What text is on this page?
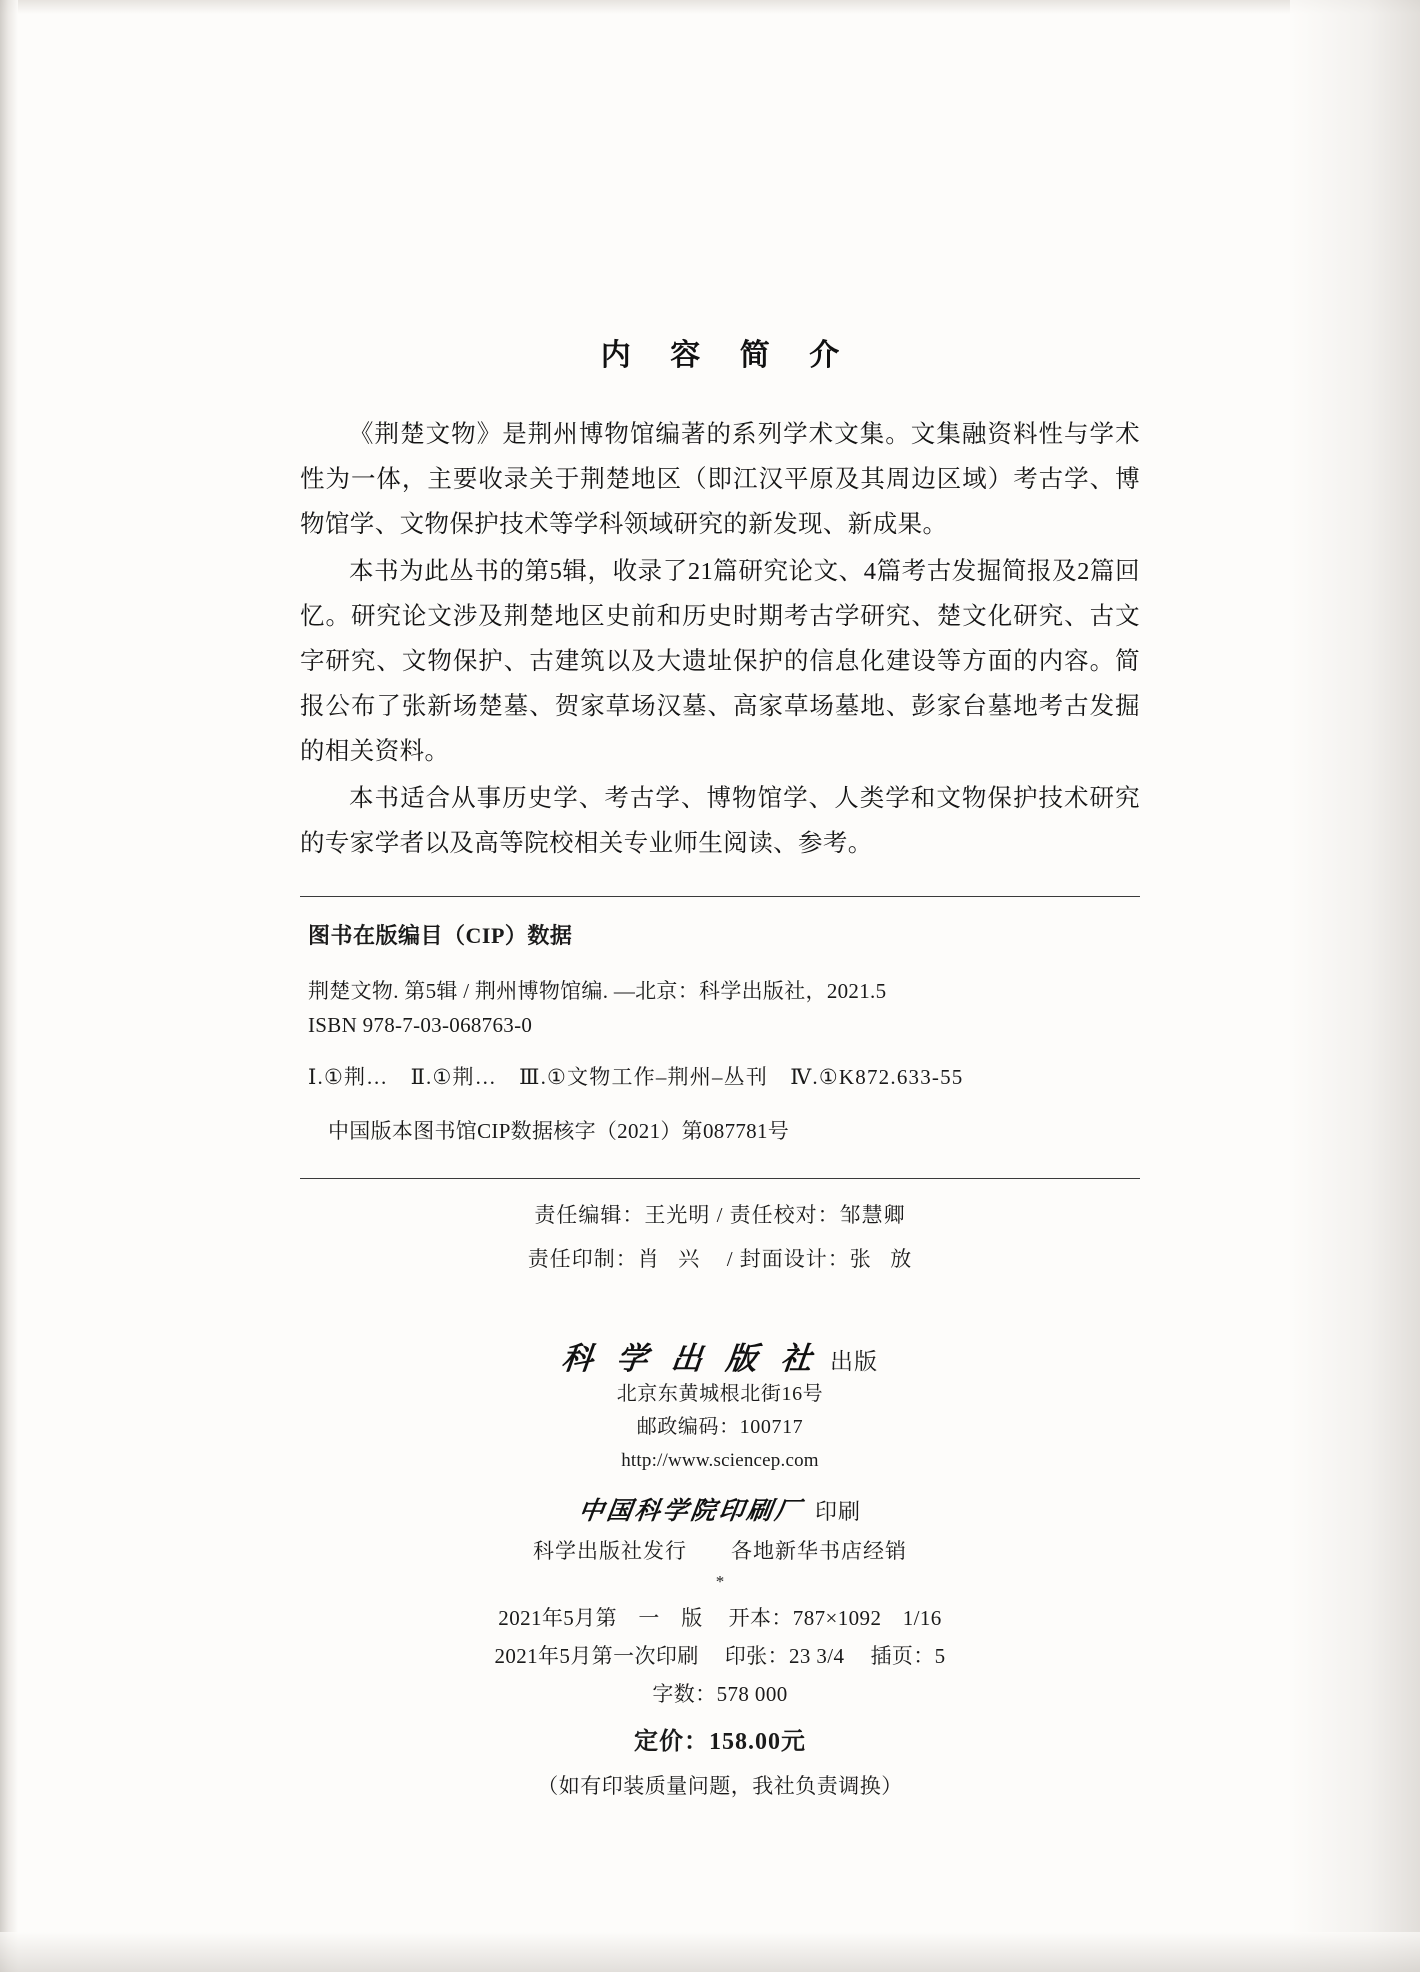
内 容 简 介

《荆楚文物》是荆州博物馆编著的系列学术文集。文集融资料性与学术性为一体，主要收录关于荆楚地区（即江汉平原及其周边区域）考古学、博物馆学、文物保护技术等学科领域研究的新发现、新成果。

本书为此丛书的第5辑，收录了21篇研究论文、4篇考古发掘简报及2篇回忆。研究论文涉及荆楚地区史前和历史时期考古学研究、楚文化研究、古文字研究、文物保护、古建筑以及大遗址保护的信息化建设等方面的内容。简报公布了张新场楚墓、贺家草场汉墓、高家草场墓地、彭家台墓地考古发掘的相关资料。

本书适合从事历史学、考古学、博物馆学、人类学和文物保护技术研究的专家学者以及高等院校相关专业师生阅读、参考。

图书在版编目（CIP）数据
荆楚文物. 第5辑 / 荆州博物馆编. —北京：科学出版社，2021.5
ISBN 978-7-03-068763-0
Ⅰ.①荆…　Ⅱ.①荆…　Ⅲ.①文物工作–荆州–丛刊　Ⅳ.①K872.633-55
中国版本图书馆CIP数据核字（2021）第087781号
责任编辑：王光明 / 责任校对：邹慧卿
责任印制：肖 兴 / 封面设计：张 放
科 学 出 版 社 出版
北京东黄城根北街16号
邮政编码：100717
http://www.sciencep.com
中国科学院印刷厂 印刷
科学出版社发行　　各地新华书店经销
*
2021年5月第　一　版 开本：787×1092　1/16
2021年5月第一次印刷 印张：23 3/4 插页：5
字数：578 000
定价：158.00元
（如有印装质量问题，我社负责调换）
